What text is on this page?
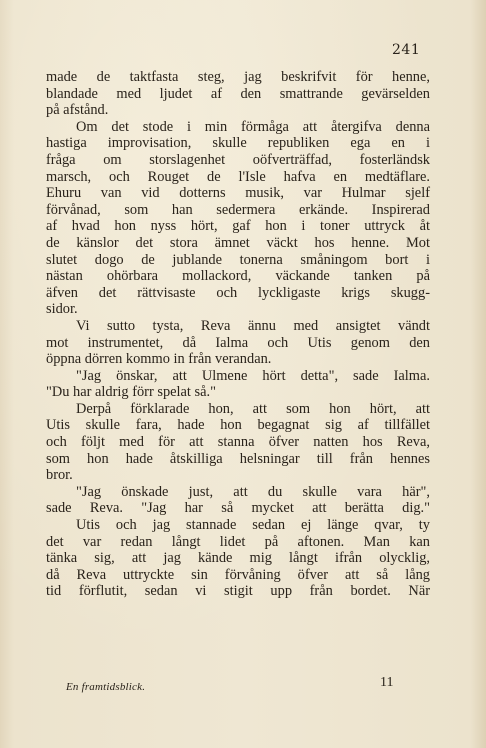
241
made de taktfasta steg, jag beskrifvit för henne,
blandade med ljudet af den smattrande gevärselden
på afstånd.
Om det stode i min förmåga att återgifva denna
hastiga improvisation, skulle republiken ega en i
fråga om storslagenhet oöfverträffad, fosterländsk
marsch, och Rouget de l'Isle hafva en medtäflare.
Ehuru van vid dotterns musik, var Hulmar sjelf
förvånad, som han sedermera erkände. Inspirerad
af hvad hon nyss hört, gaf hon i toner uttryck åt
de känslor det stora ämnet väckt hos henne. Mot
slutet dogo de jublande tonerna småningom bort i
nästan ohörbara mollackord, väckande tanken på
äfven det rättvisaste och lyckligaste krigs skugg-
sidor.
Vi sutto tysta, Reva ännu med ansigtet vändt
mot instrumentet, då Ialma och Utis genom den
öppna dörren kommo in från verandan.
"Jag önskar, att Ulmene hört detta", sade Ialma.
"Du har aldrig förr spelat så."
Derpå förklarade hon, att som hon hört, att
Utis skulle fara, hade hon begagnat sig af tillfället
och följt med för att stanna öfver natten hos Reva,
som hon hade åtskilliga helsningar till från hennes
bror.
"Jag önskade just, att du skulle vara här",
sade Reva. "Jag har så mycket att berätta dig."
Utis och jag stannade sedan ej länge qvar, ty
det var redan långt lidet på aftonen. Man kan
tänka sig, att jag kände mig långt ifrån olycklig,
då Reva uttryckte sin förvåning öfver att så lång
tid förflutit, sedan vi stigit upp från bordet. När
En framtidsblick.	11
